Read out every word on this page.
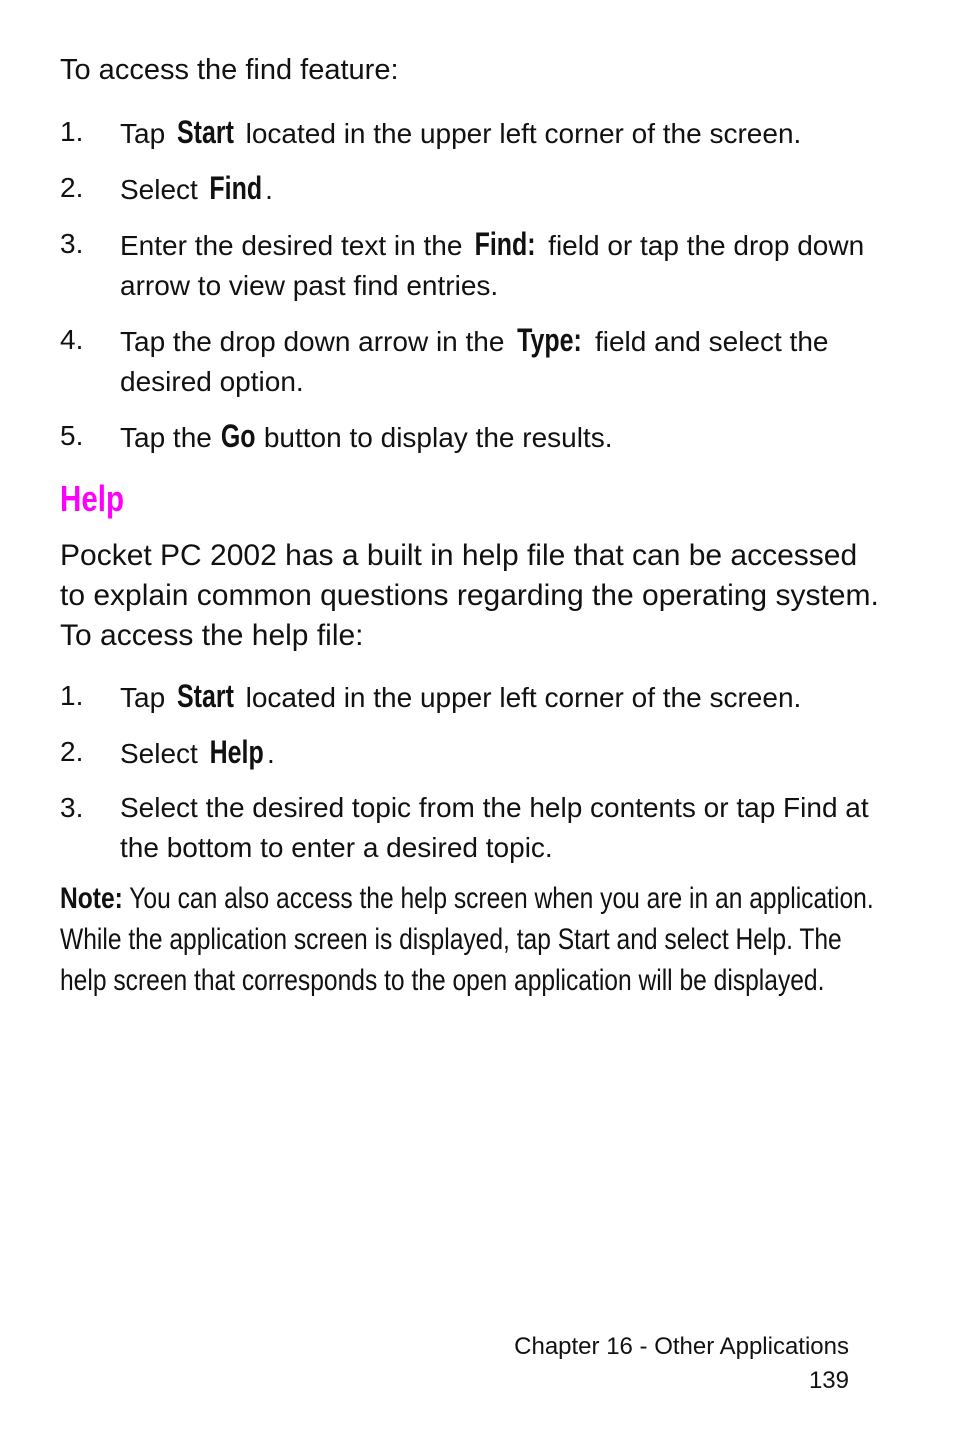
To access the find feature:
1.	Tap Start located in the upper left corner of the screen.
2.	Select Find .
3.	Enter the desired text in the Find: field or tap the drop down arrow to view past find entries.
4.	Tap the drop down arrow in the Type: field and select the desired option.
5.	Tap the Go button to display the results.
Help
Pocket PC 2002 has a built in help file that can be accessed to explain common questions regarding the operating system. To access the help file:
1.	Tap Start located in the upper left corner of the screen.
2.	Select Help .
3.	Select the desired topic from the help contents or tap Find at the bottom to enter a desired topic.
Note: You can also access the help screen when you are in an application. While the application screen is displayed, tap Start and select Help. The help screen that corresponds to the open application will be displayed.
Chapter 16 - Other Applications
139
